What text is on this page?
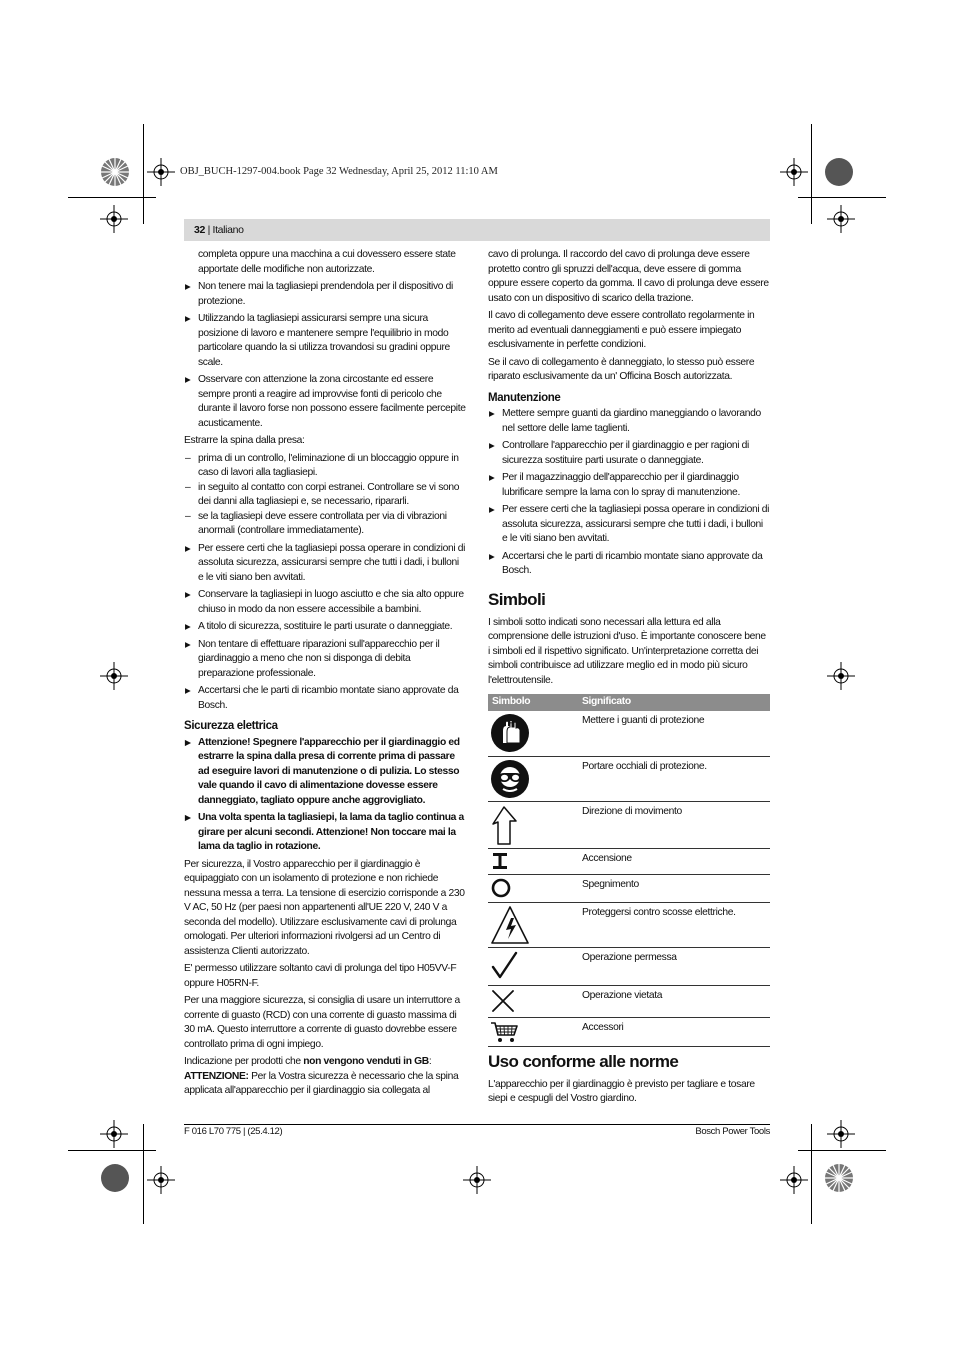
OBJ_BUCH-1297-004.book Page 32 Wednesday, April 25, 2012 11:10 AM
32 | Italiano
completa oppure una macchina a cui dovessero essere state apportate delle modifiche non autorizzate.
▶ Non tenere mai la tagliasiepi prendendola per il dispositivo di protezione.
▶ Utilizzando la tagliasiepi assicurarsi sempre una sicura posizione di lavoro e mantenere sempre l'equilibrio in modo particolare quando la si utilizza trovandosi su gradini oppure scale.
▶ Osservare con attenzione la zona circostante ed essere sempre pronti a reagire ad improvvise fonti di pericolo che durante il lavoro forse non possono essere facilmente percepite acusticamente.
Estrarre la spina dalla presa:
– prima di un controllo, l'eliminazione di un bloccaggio oppure in caso di lavori alla tagliasiepi.
– in seguito al contatto con corpi estranei. Controllare se vi sono dei danni alla tagliasiepi e, se necessario, ripararli.
– se la tagliasiepi deve essere controllata per via di vibrazioni anormali (controllare immediatamente).
▶ Per essere certi che la tagliasiepi possa operare in condizioni di assoluta sicurezza, assicurarsi sempre che tutti i dadi, i bulloni e le viti siano ben avvitati.
▶ Conservare la tagliasiepi in luogo asciutto e che sia alto oppure chiuso in modo da non essere accessibile a bambini.
▶ A titolo di sicurezza, sostituire le parti usurate o danneggiate.
▶ Non tentare di effettuare riparazioni sull'apparecchio per il giardinaggio a meno che non si disponga di debita preparazione professionale.
▶ Accertarsi che le parti di ricambio montate siano approvate da Bosch.
Sicurezza elettrica
▶ Attenzione! Spegnere l'apparecchio per il giardinaggio ed estrarre la spina dalla presa di corrente prima di passare ad eseguire lavori di manutenzione o di pulizia. Lo stesso vale quando il cavo di alimentazione dovesse essere danneggiato, tagliato oppure anche aggrovigliato.
▶ Una volta spenta la tagliasiepi, la lama da taglio continua a girare per alcuni secondi. Attenzione! Non toccare mai la lama da taglio in rotazione.
Per sicurezza, il Vostro apparecchio per il giardinaggio è equipaggiato con un isolamento di protezione e non richiede nessuna messa a terra. La tensione di esercizio corrisponde a 230 V AC, 50 Hz (per paesi non appartenenti all'UE 220 V, 240 V a seconda del modello). Utilizzare esclusivamente cavi di prolunga omologati. Per ulteriori informazioni rivolgersi ad un Centro di assistenza Clienti autorizzato.
E' permesso utilizzare soltanto cavi di prolunga del tipo H05VV-F oppure H05RN-F.
Per una maggiore sicurezza, si consiglia di usare un interruttore a corrente di guasto (RCD) con una corrente di guasto massima di 30 mA. Questo interruttore a corrente di guasto dovrebbe essere controllato prima di ogni impiego.
Indicazione per prodotti che non vengono venduti in GB:
ATTENZIONE: Per la Vostra sicurezza è necessario che la spina applicata all'apparecchio per il giardinaggio sia collegata al
cavo di prolunga. Il raccordo del cavo di prolunga deve essere protetto contro gli spruzzi dell'acqua, deve essere di gomma oppure essere coperto da gomma. Il cavo di prolunga deve essere usato con un dispositivo di scarico della trazione.
Il cavo di collegamento deve essere controllato regolarmente in merito ad eventuali danneggiamenti e può essere impiegato esclusivamente in perfette condizioni.
Se il cavo di collegamento è danneggiato, lo stesso può essere riparato esclusivamente da un' Officina Bosch autorizzata.
Manutenzione
▶ Mettere sempre guanti da giardino maneggiando o lavorando nel settore delle lame taglienti.
▶ Controllare l'apparecchio per il giardinaggio e per ragioni di sicurezza sostituire parti usurate o danneggiate.
▶ Per il magazzinaggio dell'apparecchio per il giardinaggio lubrificare sempre la lama con lo spray di manutenzione.
▶ Per essere certi che la tagliasiepi possa operare in condizioni di assoluta sicurezza, assicurarsi sempre che tutti i dadi, i bulloni e le viti siano ben avvitati.
▶ Accertarsi che le parti di ricambio montate siano approvate da Bosch.
Simboli
I simboli sotto indicati sono necessari alla lettura ed alla comprensione delle istruzioni d'uso. È importante conoscere bene i simboli ed il rispettivo significato. Un'interpretazione corretta dei simboli contribuisce ad utilizzare meglio ed in modo più sicuro l'elettroutensile.
Simbolo	Significato

	Mettere i guanti di protezione

	Portare occhiali di protezione.

	Direzione di movimento

	Accensione

	Spegnimento

	Proteggersi contro scosse elettriche.

	Operazione permessa

	Operazione vietata

	Accessori
Uso conforme alle norme
L'apparecchio per il giardinaggio è previsto per tagliare e tosare siepi e cespugli del Vostro giardino.
F 016 L70 775 | (25.4.12)	Bosch Power Tools
